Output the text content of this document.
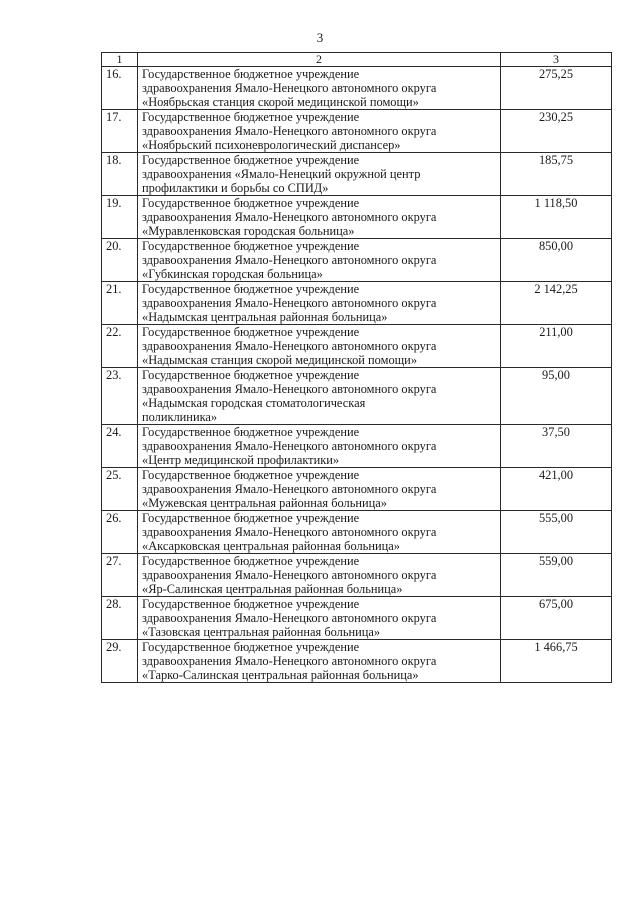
3
1	2	3
16.	Государственное бюджетное учреждение
здравоохранения Ямало-Ненецкого автономного округа
«Ноябрьская станция скорой медицинской помощи»	275,25
17.	Государственное бюджетное учреждение
здравоохранения Ямало-Ненецкого автономного округа
«Ноябрьский психоневрологический диспансер»	230,25
18.	Государственное бюджетное учреждение
здравоохранения «Ямало-Ненецкий окружной центр
профилактики и борьбы со СПИД»	185,75
19.	Государственное бюджетное учреждение
здравоохранения Ямало-Ненецкого автономного округа
«Муравленковская городская больница»	1 118,50
20.	Государственное бюджетное учреждение
здравоохранения Ямало-Ненецкого автономного округа
«Губкинская городская больница»	850,00
21.	Государственное бюджетное учреждение
здравоохранения Ямало-Ненецкого автономного округа
«Надымская центральная районная больница»	2 142,25
22.	Государственное бюджетное учреждение
здравоохранения Ямало-Ненецкого автономного округа
«Надымская станция скорой медицинской помощи»	211,00
23.	Государственное бюджетное учреждение
здравоохранения Ямало-Ненецкого автономного округа
«Надымская городская стоматологическая
поликлиника»	95,00
24.	Государственное бюджетное учреждение
здравоохранения Ямало-Ненецкого автономного округа
«Центр медицинской профилактики»	37,50
25.	Государственное бюджетное учреждение
здравоохранения Ямало-Ненецкого автономного округа
«Мужевская центральная районная больница»	421,00
26.	Государственное бюджетное учреждение
здравоохранения Ямало-Ненецкого автономного округа
«Аксарковская центральная районная больница»	555,00
27.	Государственное бюджетное учреждение
здравоохранения Ямало-Ненецкого автономного округа
«Яр-Салинская центральная районная больница»	559,00
28.	Государственное бюджетное учреждение
здравоохранения Ямало-Ненецкого автономного округа
«Тазовская центральная районная больница»	675,00
29.	Государственное бюджетное учреждение
здравоохранения Ямало-Ненецкого автономного округа
«Тарко-Салинская центральная районная больница»	1 466,75
